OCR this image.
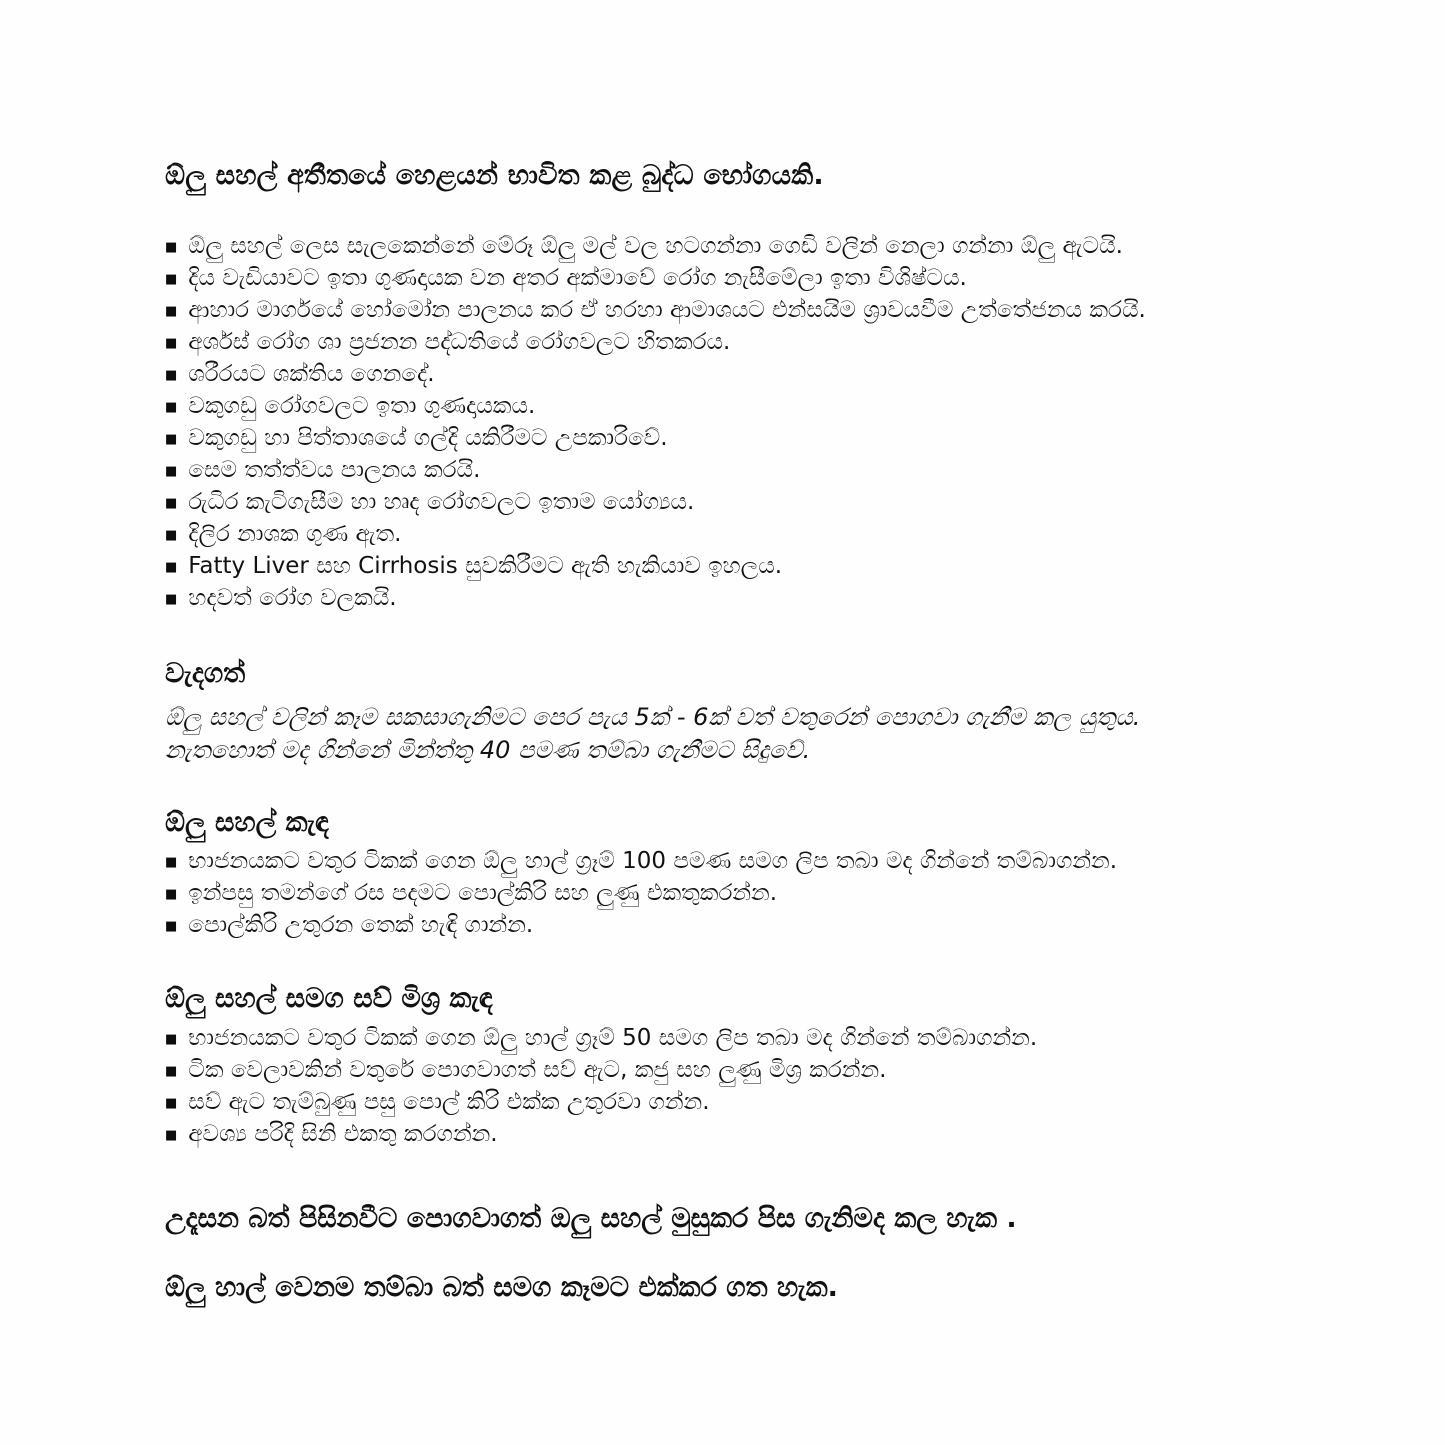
ඕලු සහල් අතීතයේ හෙළයන් භාවිත කළ බුද්ධ භෝගයකි.
■ ඕලු සහල් ලෙස සැලකෙන්නේ මේරූ ඕලු මල් වල හටගන්නා ගෙඩි වලින් නෙලා ගන්නා ඕලු ඇටයි.
■ දිය වැඩියාවට ඉතා ගුණදායක වන අතර අක්මාවේ රෝග නැසීමේලා ඉතා විශිෂ්ටය.
■ ආහාර මාර්ගයේ හෝමෝන පාලනය කර ඒ හරහා ආමාශයට එන්සයිම ශ්‍රාවයවීම උත්තේජනය කරයි.
■ අර්ශස් රෝග ශා ප්‍රජනන පද්ධතියේ රෝගවලට හිතකරය.
■ ශරීරයට ශක්තිය ගෙනදේ.
■ වකුගඩු රෝගවලට ඉතා ගුණදායකය.
■ වකුගඩු හා පිත්තාශයේ ගල්දි යකිරීමට උපකාරිවේ.
■ සෙම තත්ත්වය පාලනය කරයි.
■ රුධිර කැටිගැසීම හා හෘද රෝගවලට ඉතාම යෝග්‍යය.
■ දිලිර නාශක ගුණ ඇත.
■ Fatty Liver සහ Cirrhosis සුවකිරීමට ඇති හැකියාව ඉහලය.
■ හදවත් රෝග වලකයි.
වැදගත්
ඕලු සහල් වලින් කෑම සකසාගැනිමට පෙර පැය 5ක් - 6ක් වත් වතුරෙන් පොගවා ගැනීම කල යුතුය.
නැතහොත් මද ගින්නේ මින්ත්තු 40 පමණ තම්බා ගැනීමට සිදුවේ.
ඕලු සහල් කැඳ
■ භාජනයකට වතුර ටිකක් ගෙන ඕලු හාල් ග්‍රෑම් 100 පමණ සමග ලිප තබා මද ගින්නේ තම්බාගන්න.
■ ඉන්පසු තමන්ගේ රස පදමට පොල්කිරි සහ ලුණු එකතුකරන්න.
■ පොල්කිරි උතුරන තෙක් හැඳි ගාන්න.
ඕලු සහල් සමග සව් මිශ්‍ර කැඳ
■ භාජනයකට වතුර ටිකක් ගෙන ඕලු හාල් ග්‍රෑම් 50 සමග ලිප තබා මද ගින්නේ තම්බාගන්න.
■ ටික වෙලාවකින් වතුරේ පොගවාගත් සව් ඇට, කජු සහ ලුණු මිශ්‍ර කරන්න.
■ සව් ඇට තැම්බුණු පසු පොල් කිරි එක්ක උතුරවා ගන්න.
■ අවශ්‍ය පරිදි සිනි එකතු කරගන්න.

උදෑසන බත් පිසිනවීට පොගවාගත් ඔලු සහල් මුසුකර පිස ගැනිමද කල හැක .

ඕලු හාල් වෙනම තම්බා බත් සමග කෑමට එක්කර ගත හැක.
